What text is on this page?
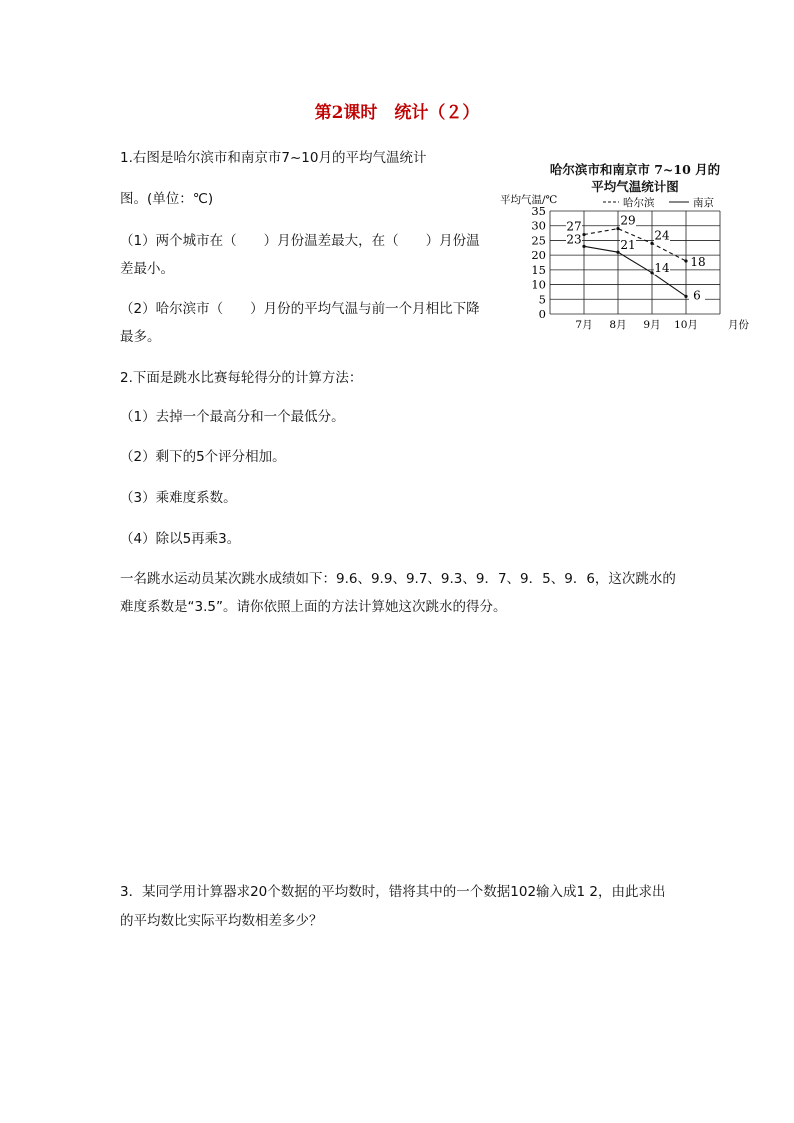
第2课时　统计（２）
1.右图是哈尔滨市和南京市7~10月的平均气温统计
图。(单位：℃)
（1）两个城市在（　　）月份温差最大，在（　　）月份温
差最小。
（2）哈尔滨市（　　）月份的平均气温与前一个月相比下降
最多。
2.下面是跳水比赛每轮得分的计算方法：
（1）去掉一个最高分和一个最低分。
（2）剩下的5个评分相加。
（3）乘难度系数。
（4）除以5再乘3。
一名跳水运动员某次跳水成绩如下：9.6、9.9、9.7、9.3、9．7、9．5、9．6，这次跳水的
难度系数是“3.5”。请你依照上面的方法计算她这次跳水的得分。
3．某同学用计算器求20个数据的平均数时，错将其中的一个数据102输入成1 2，由此求出
的平均数比实际平均数相差多少？
哈尔滨市和南京市 7~10 月的
平均气温统计图
0
5
10
15
20
25
30
35
7月 8月 9月 10月
平均气温/℃
月份
哈尔滨	南京
27	29
24
18
23	21
14
6
